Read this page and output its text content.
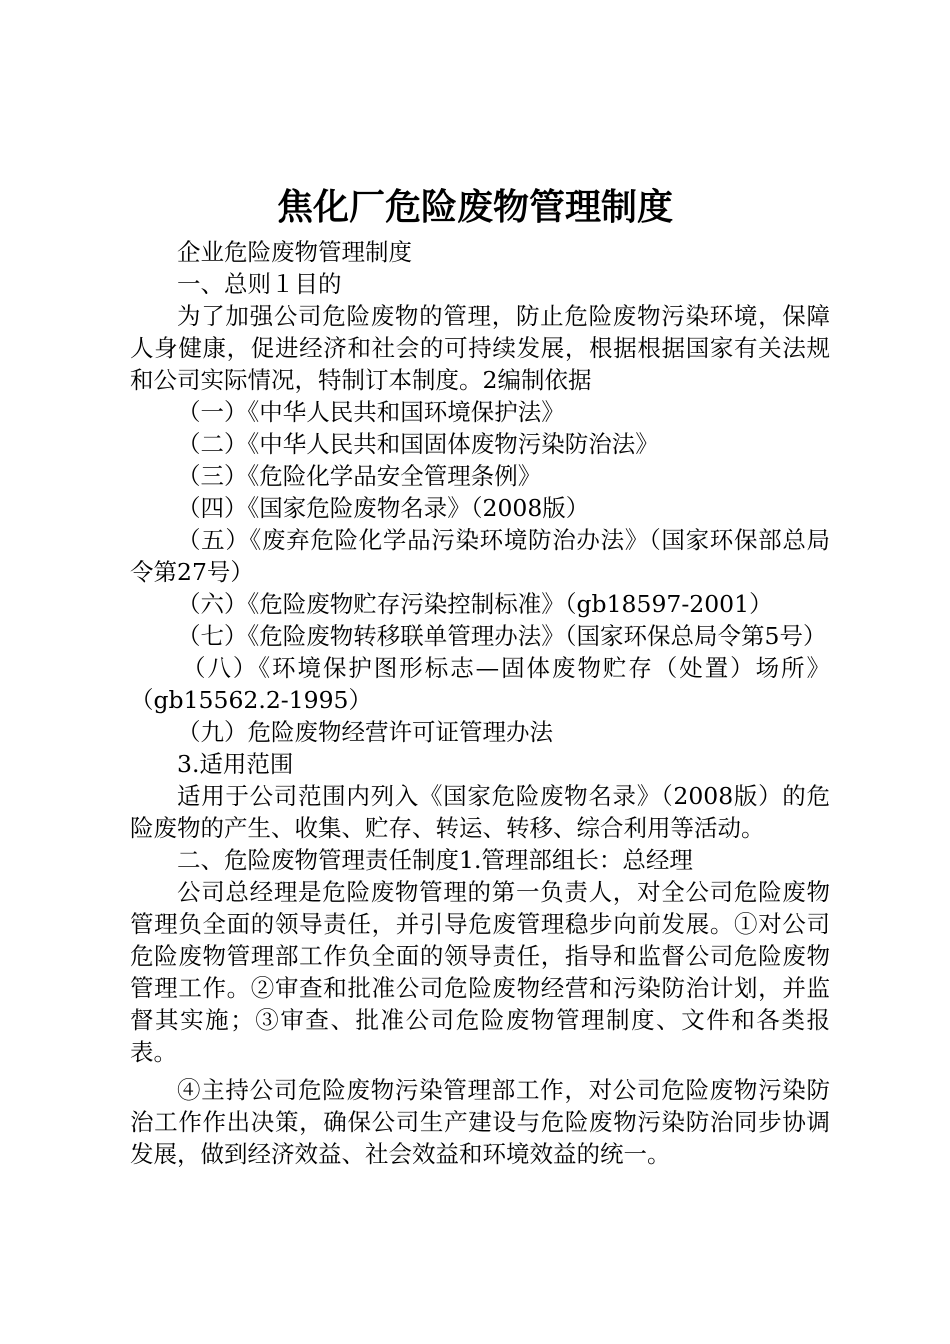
焦化厂危险废物管理制度

企业危险废物管理制度

一、总则１目的

为了加强公司危险废物的管理，防止危险废物污染环境，保障人身健康，促进经济和社会的可持续发展，根据根据国家有关法规和公司实际情况，特制订本制度。2编制依据

（一）《中华人民共和国环境保护法》

（二）《中华人民共和国固体废物污染防治法》

（三）《危险化学品安全管理条例》

（四）《国家危险废物名录》（2008版）

（五）《废弃危险化学品污染环境防治办法》（国家环保部总局令第27号）

（六）《危险废物贮存污染控制标准》（gb18597-2001）

（七）《危险废物转移联单管理办法》（国家环保总局令第5号）

（八）《环境保护图形标志—固体废物贮存（处置）场所》（gb15562.2-1995）

（九）危险废物经营许可证管理办法

3.适用范围

适用于公司范围内列入《国家危险废物名录》（2008版）的危险废物的产生、收集、贮存、转运、转移、综合利用等活动。

二、危险废物管理责任制度1.管理部组长：总经理

公司总经理是危险废物管理的第一负责人，对全公司危险废物管理负全面的领导责任，并引导危废管理稳步向前发展。①对公司危险废物管理部工作负全面的领导责任，指导和监督公司危险废物管理工作。②审查和批准公司危险废物经营和污染防治计划，并监督其实施；③审查、批准公司危险废物管理制度、文件和各类报表。

④主持公司危险废物污染管理部工作，对公司危险废物污染防治工作作出决策，确保公司生产建设与危险废物污染防治同步协调发展，做到经济效益、社会效益和环境效益的统一。
